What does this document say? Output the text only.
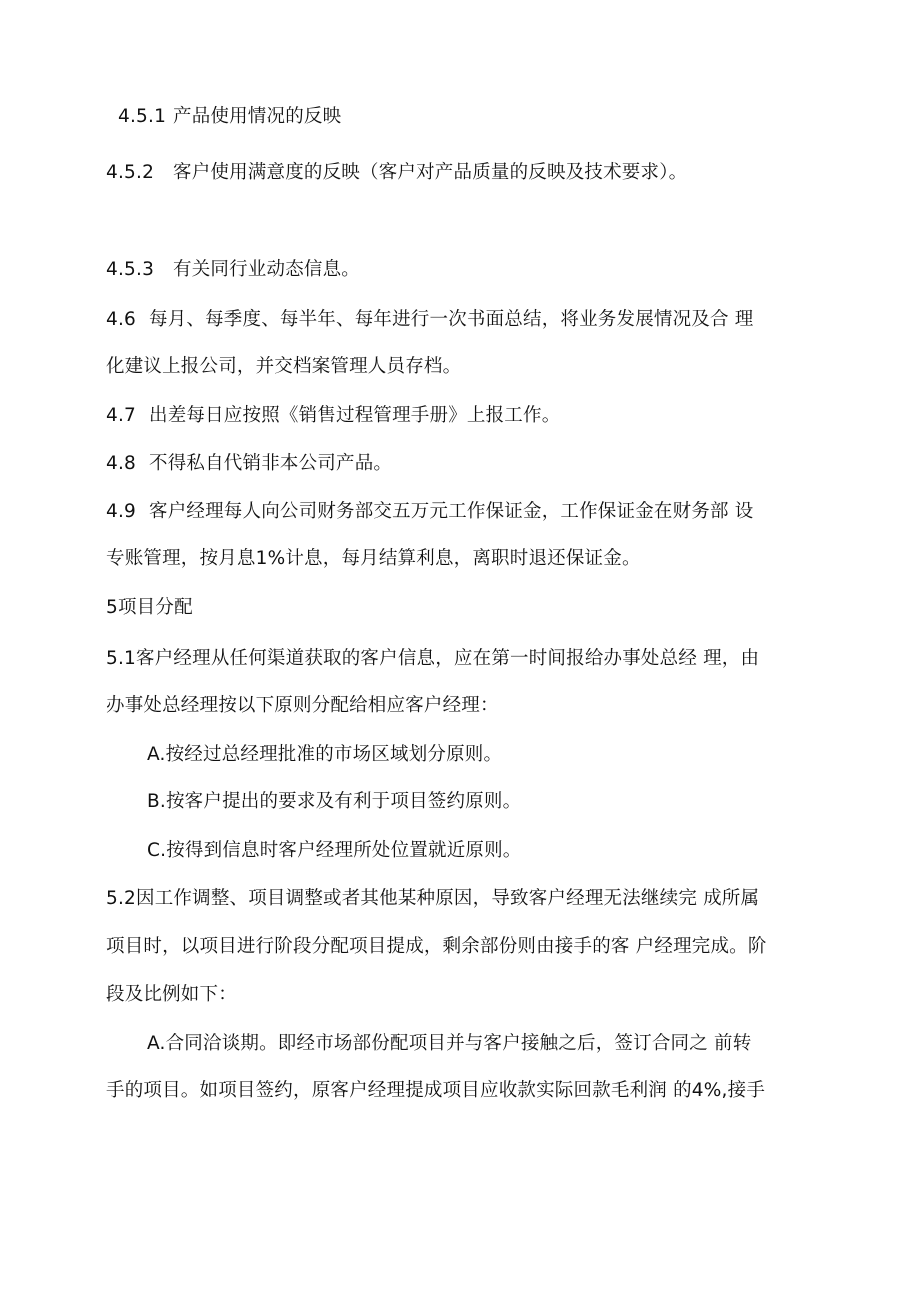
4.5.1 产品使用情况的反映
4.5.2 客户使用满意度的反映（客户对产品质量的反映及技术要求）。
4.5.3 有关同行业动态信息。
4.6 每月、每季度、每半年、每年进行一次书面总结，将业务发展情况及合 理
化建议上报公司，并交档案管理人员存档。
4.7 出差每日应按照《销售过程管理手册》上报工作。
4.8 不得私自代销非本公司产品。
4.9 客户经理每人向公司财务部交五万元工作保证金，工作保证金在财务部 设
专账管理，按月息1%计息，每月结算利息，离职时退还保证金。
5项目分配
5.1客户经理从任何渠道获取的客户信息，应在第一时间报给办事处总经 理，由
办事处总经理按以下原则分配给相应客户经理：
A.按经过总经理批准的市场区域划分原则。
B.按客户提出的要求及有利于项目签约原则。
C.按得到信息时客户经理所处位置就近原则。
5.2因工作调整、项目调整或者其他某种原因，导致客户经理无法继续完 成所属
项目时，以项目进行阶段分配项目提成，剩余部份则由接手的客 户经理完成。阶
段及比例如下：
A.合同洽谈期。即经市场部份配项目并与客户接触之后，签订合同之 前转
手的项目。如项目签约，原客户经理提成项目应收款实际回款毛利润 的4%,接手
